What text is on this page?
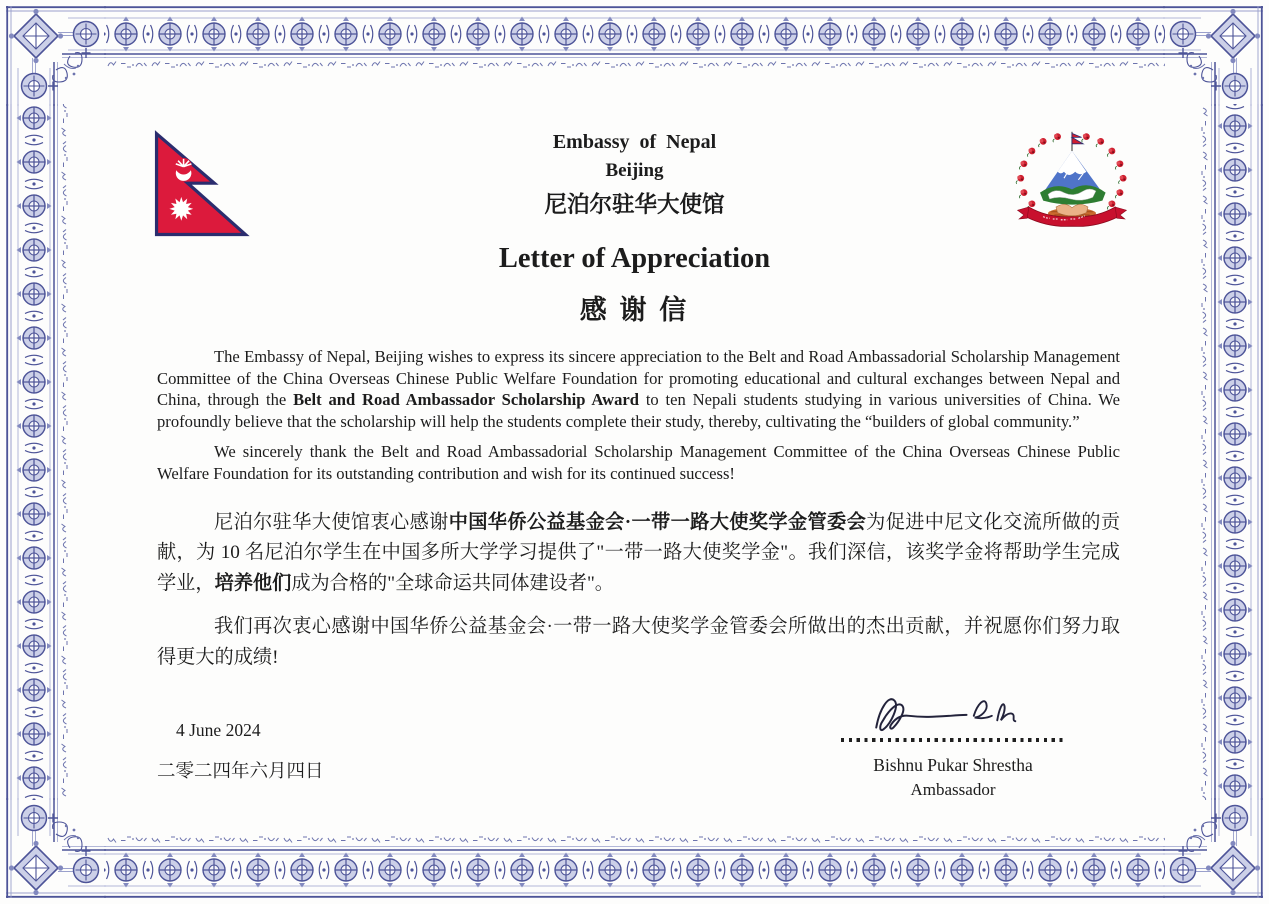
Embassy of Nepal
Beijing
尼泊尔驻华大使馆
Letter of Appreciation
感 谢 信

The Embassy of Nepal, Beijing wishes to express its sincere appreciation to the Belt and Road Ambassadorial Scholarship Management Committee of the China Overseas Chinese Public Welfare Foundation for promoting educational and cultural exchanges between Nepal and China, through the Belt and Road Ambassador Scholarship Award to ten Nepali students studying in various universities of China. We profoundly believe that the scholarship will help the students complete their study, thereby, cultivating the “builders of global community.”

We sincerely thank the Belt and Road Ambassadorial Scholarship Management Committee of the China Overseas Chinese Public Welfare Foundation for its outstanding contribution and wish for its continued success!

尼泊尔驻华大使馆衷心感谢中国华侨公益基金会·一带一路大使奖学金管委会为促进中尼文化交流所做的贡献，为 10 名尼泊尔学生在中国多所大学学习提供了"一带一路大使奖学金"。我们深信，该奖学金将帮助学生完成学业，培养他们成为合格的"全球命运共同体建设者"。

我们再次衷心感谢中国华侨公益基金会·一带一路大使奖学金管委会所做出的杰出贡献，并祝愿你们努力取得更大的成绩!

4 June 2024
二零二四年六月四日	Bishnu Pukar Shrestha
Ambassador
